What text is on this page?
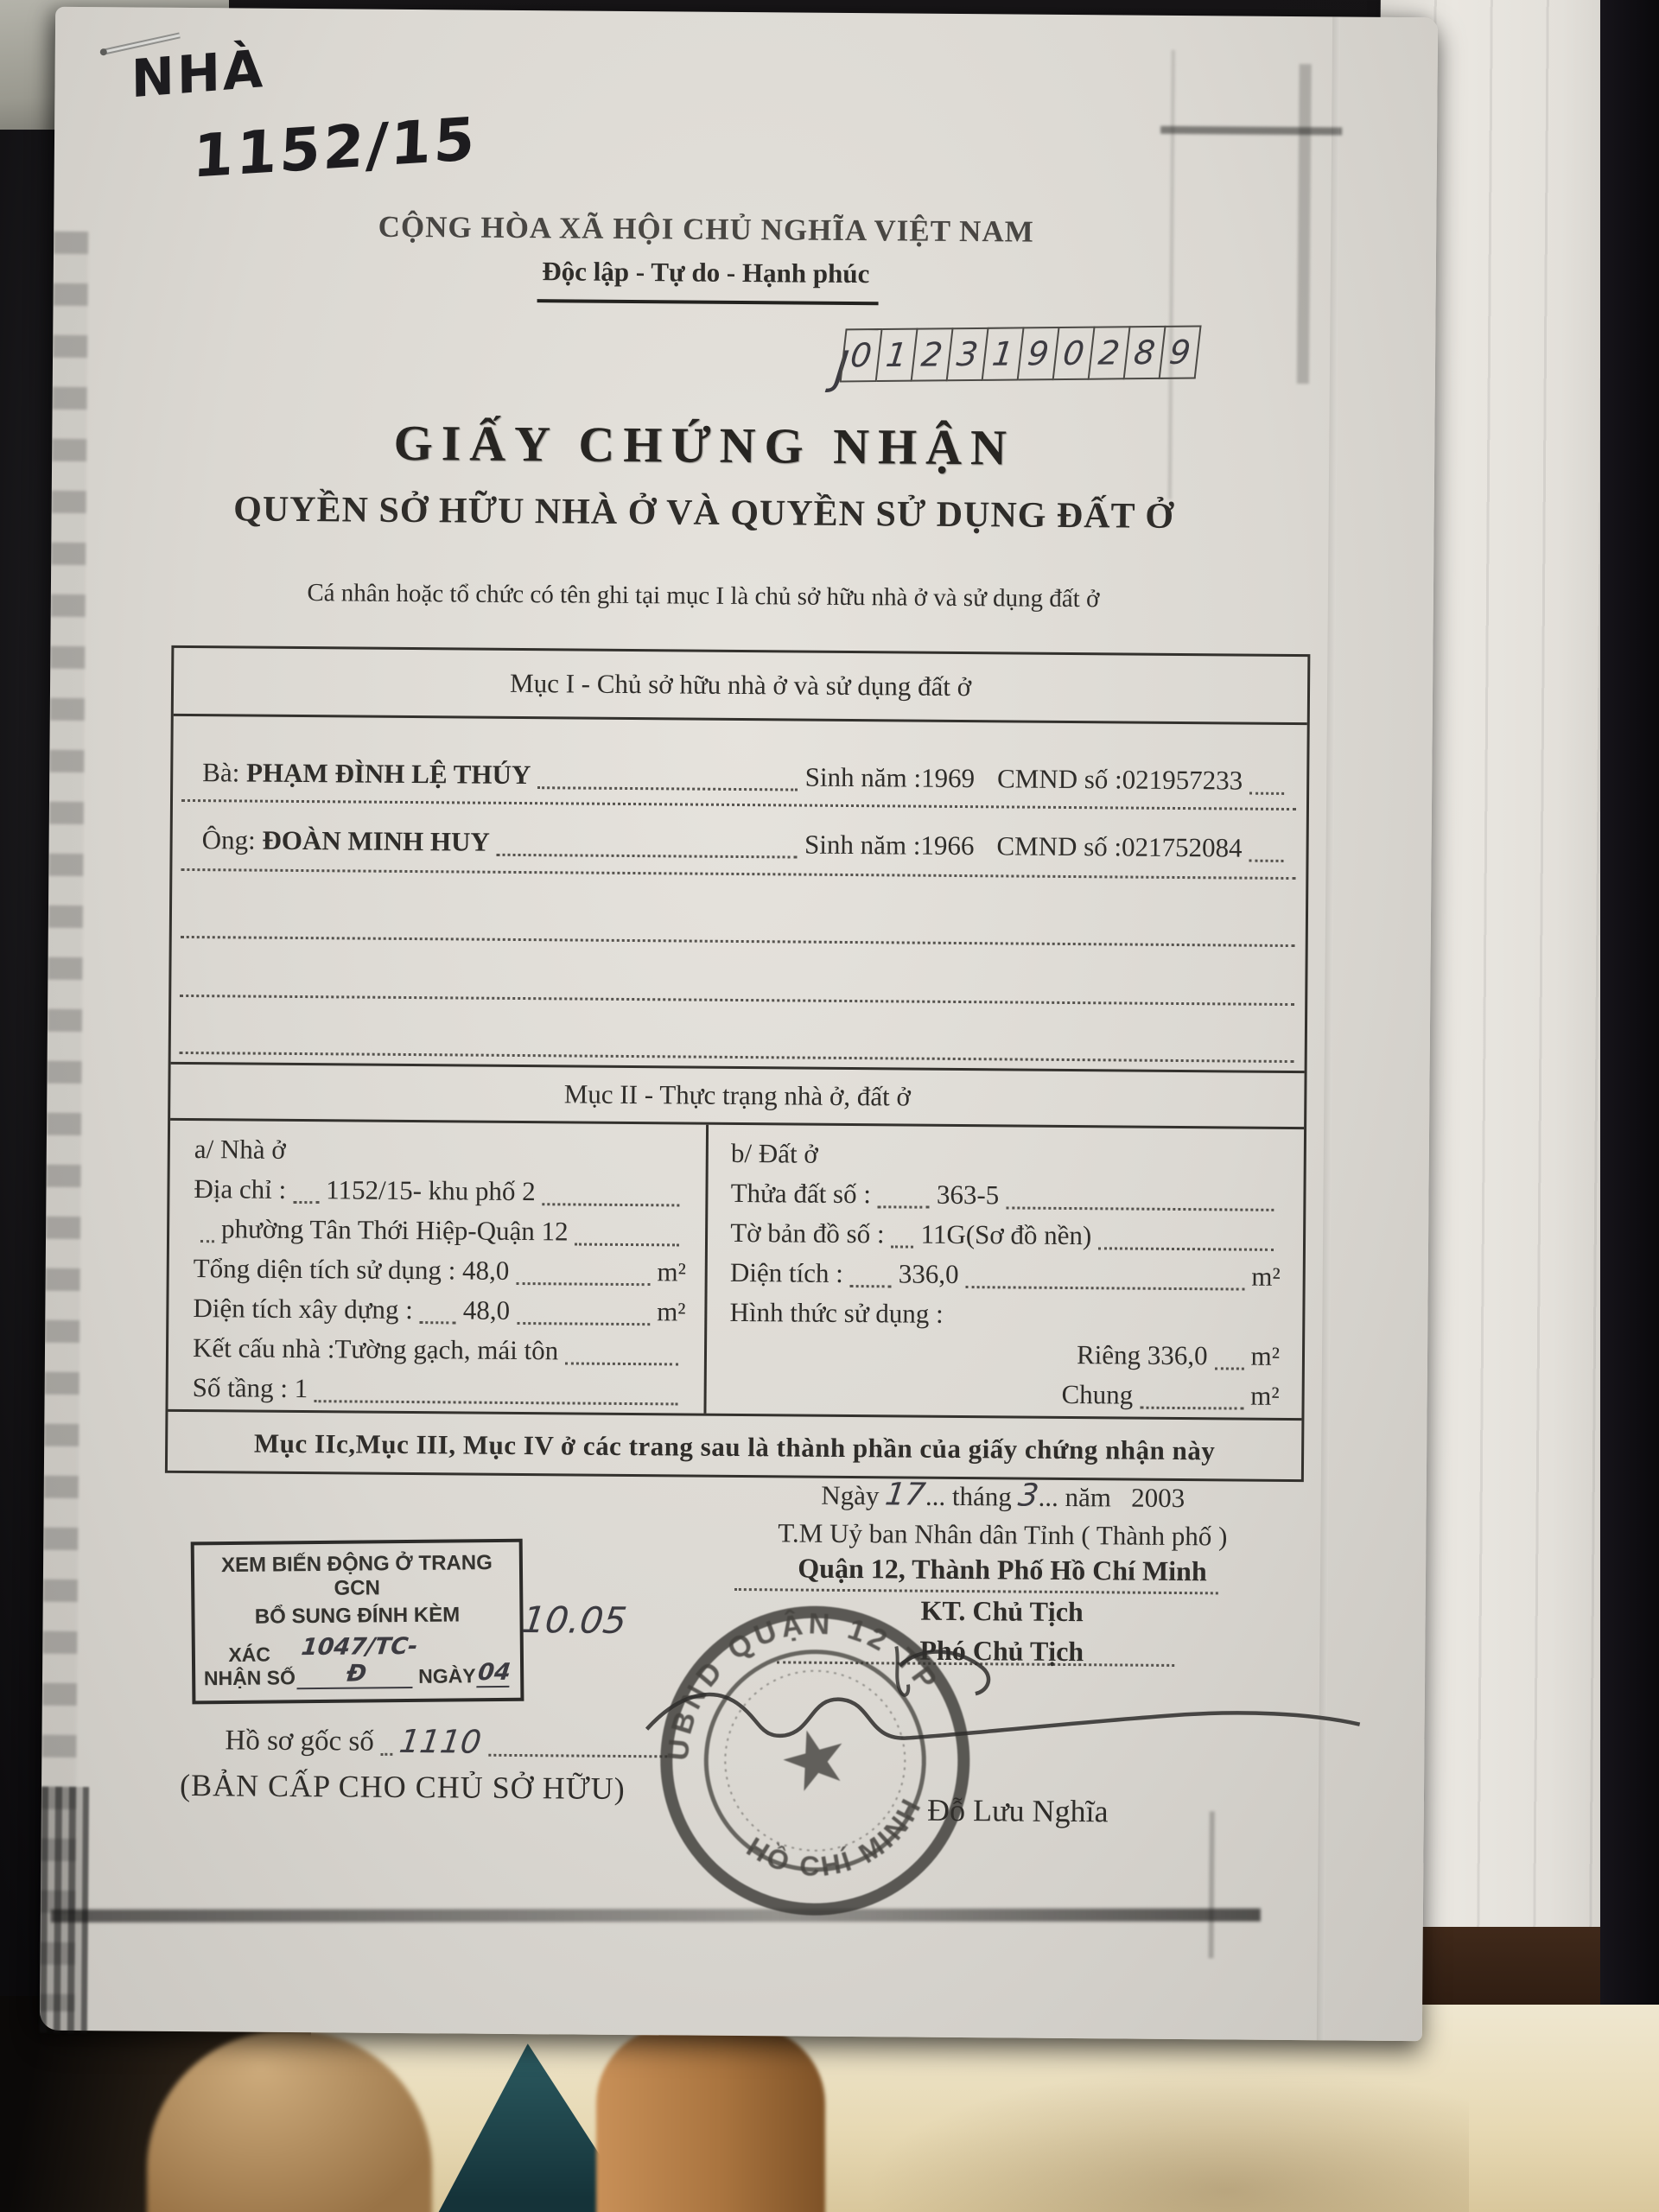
NHÀ
1152/15
CỘNG HÒA XÃ HỘI CHỦ NGHĨA VIỆT NAM
Độc lập - Tự do - Hạnh phúc
J
0 1 2 3 1 9 0 2 8 9
GIẤY CHỨNG NHẬN
QUYỀN SỞ HỮU NHÀ Ở VÀ QUYỀN SỬ DỤNG ĐẤT Ở
Cá nhân hoặc tổ chức có tên ghi tại mục I là chủ sở hữu nhà ở và sử dụng đất ở
Mục I - Chủ sở hữu nhà ở và sử dụng đất ở
Bà:
PHẠM ĐÌNH LỆ THÚY	Sinh năm : 1969 CMND số : 021957233
Ông:
ĐOÀN MINH HUY	Sinh năm : 1966 CMND số : 021752084
Mục II - Thực trạng nhà ở, đất ở
a/ Nhà ở
Địa chỉ : 1152/15- khu phố 2
phường Tân Thới Hiệp-Quận 12
Tổng diện tích sử dụng :
48,0	m²
Diện tích xây dựng : 48,0	m²
Kết cấu nhà : Tường gạch, mái tôn
Số tầng :
1
b/ Đất ở
Thửa đất số : 363-5
Tờ bản đồ số : 11G(Sơ đồ nền)
Diện tích : 336,0	m²
Hình thức sử dụng :
Riêng
336,0 m²
Chung	m²
Mục IIc,Mục III, Mục IV ở các trang sau là thành phần của giấy chứng nhận này
Ngày 17... tháng 3... năm 2003
T.M Uỷ ban Nhân dân Tỉnh ( Thành phố )
Quận 12, Thành Phố Hồ Chí Minh
KT. Chủ Tịch
Phó Chủ Tịch
XEM BIẾN ĐỘNG Ở TRANG GCN
BỔ SUNG ĐÍNH KÈM
XÁC NHẬN SỐ
1047/TC-Đ	NGÀY 04
10.05
Hồ sơ gốc số 1110
(BẢN CẤP CHO CHỦ SỞ HỮU)
UBND QUẬN 12 TP
HỒ CHÍ MINH
★	Đỗ Lưu Nghĩa
